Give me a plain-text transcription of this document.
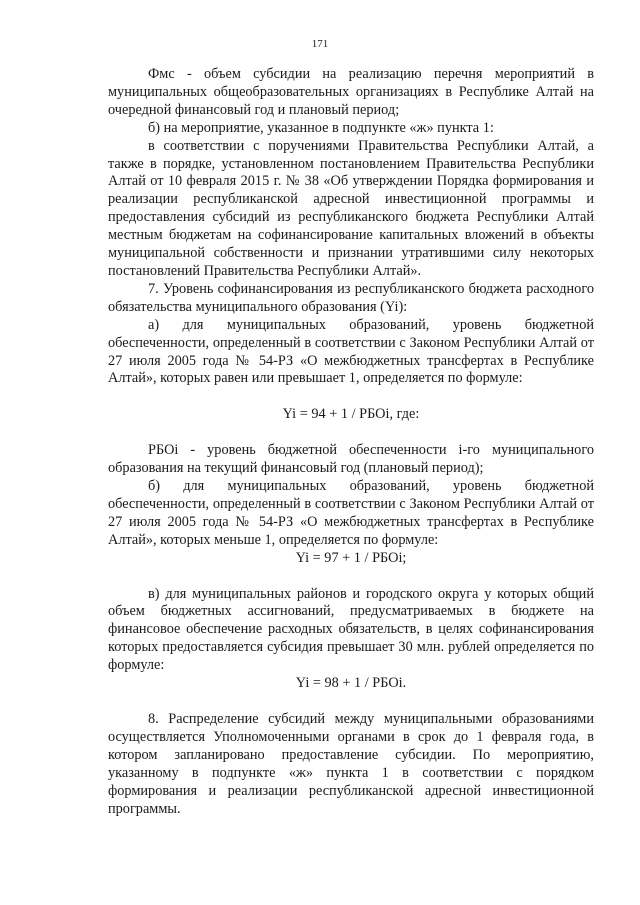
171

Фмс - объем субсидии на реализацию перечня мероприятий в муниципальных общеобразовательных организациях в Республике Алтай на очередной финансовый год и плановый период;

б) на мероприятие, указанное в подпункте «ж» пункта 1:

в соответствии с поручениями Правительства Республики Алтай, а также в порядке, установленном постановлением Правительства Республики Алтай от 10 февраля 2015 г. № 38 «Об утверждении Порядка формирования и реализации республиканской адресной инвестиционной программы и предоставления субсидий из республиканского бюджета Республики Алтай местным бюджетам на софинансирование капитальных вложений в объекты муниципальной собственности и признании утратившими силу некоторых постановлений Правительства Республики Алтай».

7. Уровень софинансирования из республиканского бюджета расходного обязательства муниципального образования (Yi):

а) для муниципальных образований, уровень бюджетной обеспеченности, определенный в соответствии с Законом Республики Алтай от 27 июля 2005 года № 54-РЗ «О межбюджетных трансфертах в Республике Алтай», которых равен или превышает 1, определяется по формуле:

Yi = 94 + 1 / РБОi, где:

РБОi - уровень бюджетной обеспеченности i-го муниципального образования на текущий финансовый год (плановый период);

б) для муниципальных образований, уровень бюджетной обеспеченности, определенный в соответствии с Законом Республики Алтай от 27 июля 2005 года № 54-РЗ «О межбюджетных трансфертах в Республике Алтай», которых меньше 1, определяется по формуле:

Yi = 97 + 1 / РБОi;

в) для муниципальных районов и городского округа у которых общий объем бюджетных ассигнований, предусматриваемых в бюджете на финансовое обеспечение расходных обязательств, в целях софинансирования которых предоставляется субсидия превышает 30 млн. рублей определяется по формуле:

Yi = 98 + 1 / РБОi.

8. Распределение субсидий между муниципальными образованиями осуществляется Уполномоченными органами в срок до 1 февраля года, в котором запланировано предоставление субсидии. По мероприятию, указанному в подпункте «ж» пункта 1 в соответствии с порядком формирования и реализации республиканской адресной инвестиционной программы.
